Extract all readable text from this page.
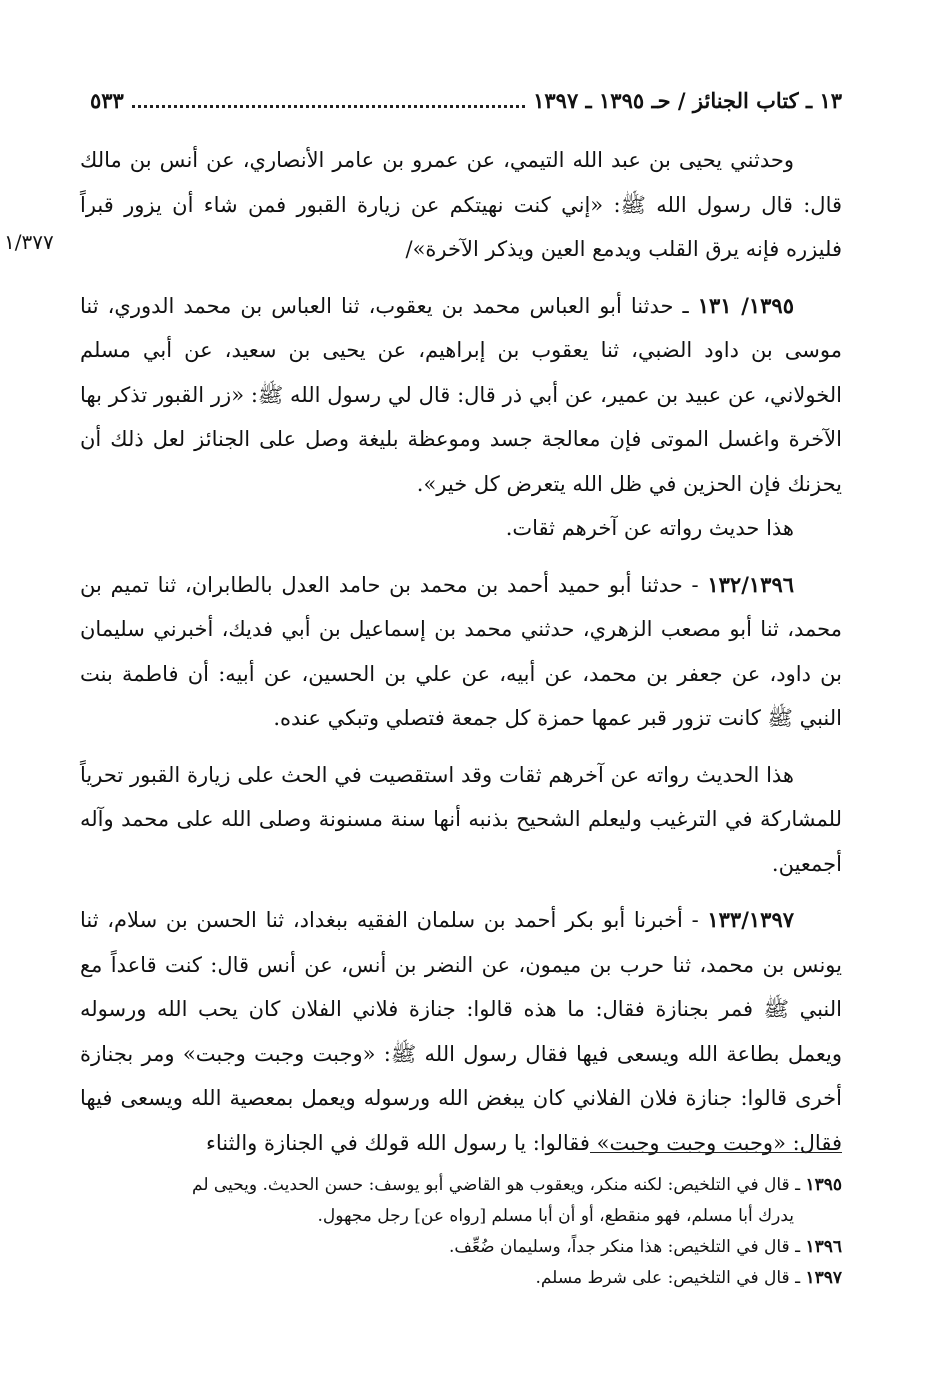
١٣ ـ كتاب الجنائز / حـ ١٣٩٥ ـ ١٣٩٧
٥٣٣
١/٣٧٧

وحدثني يحيى بن عبد الله التيمي، عن عمرو بن عامر الأنصاري، عن أنس بن مالك قال: قال رسول الله ﷺ: «إني كنت نهيتكم عن زيارة القبور فمن شاء أن يزور قبراً فليزره فإنه يرق القلب ويدمع العين ويذكر الآخرة»/

١٣٩٥/ ١٣١ ـ حدثنا أبو العباس محمد بن يعقوب، ثنا العباس بن محمد الدوري، ثنا موسى بن داود الضبي، ثنا يعقوب بن إبراهيم، عن يحيى بن سعيد، عن أبي مسلم الخولاني، عن عبيد بن عمير، عن أبي ذر قال: قال لي رسول الله ﷺ: «زر القبور تذكر بها الآخرة واغسل الموتى فإن معالجة جسد وموعظة بليغة وصل على الجنائز لعل ذلك أن يحزنك فإن الحزين في ظل الله يتعرض كل خير».

هذا حديث رواته عن آخرهم ثقات.

١٣٢/١٣٩٦ - حدثنا أبو حميد أحمد بن محمد بن حامد العدل بالطابران، ثنا تميم بن محمد، ثنا أبو مصعب الزهري، حدثني محمد بن إسماعيل بن أبي فديك، أخبرني سليمان بن داود، عن جعفر بن محمد، عن أبيه، عن علي بن الحسين، عن أبيه: أن فاطمة بنت النبي ﷺ كانت تزور قبر عمها حمزة كل جمعة فتصلي وتبكي عنده.

هذا الحديث رواته عن آخرهم ثقات وقد استقصيت في الحث على زيارة القبور تحرياً للمشاركة في الترغيب وليعلم الشحيح بذنبه أنها سنة مسنونة وصلى الله على محمد وآله أجمعين.

١٣٣/١٣٩٧ - أخبرنا أبو بكر أحمد بن سلمان الفقيه ببغداد، ثنا الحسن بن سلام، ثنا يونس بن محمد، ثنا حرب بن ميمون، عن النضر بن أنس، عن أنس قال: كنت قاعداً مع النبي ﷺ فمر بجنازة فقال: ما هذه قالوا: جنازة فلاني الفلان كان يحب الله ورسوله ويعمل بطاعة الله ويسعى فيها فقال رسول الله ﷺ: «وجبت وجبت وجبت» ومر بجنازة أخرى قالوا: جنازة فلان الفلاني كان يبغض الله ورسوله ويعمل بمعصية الله ويسعى فيها فقال: «وجبت وجبت وجبت» فقالوا: يا رسول الله قولك في الجنازة والثناء

١٣٩٥ ـ قال في التلخيص: لكنه منكر، ويعقوب هو القاضي أبو يوسف: حسن الحديث. ويحيى لم

يدرك أبا مسلم، فهو منقطع، أو أن أبا مسلم [رواه عن] رجل مجهول.

١٣٩٦ ـ قال في التلخيص: هذا منكر جداً، وسليمان ضُعِّف.

١٣٩٧ ـ قال في التلخيص: على شرط مسلم.
